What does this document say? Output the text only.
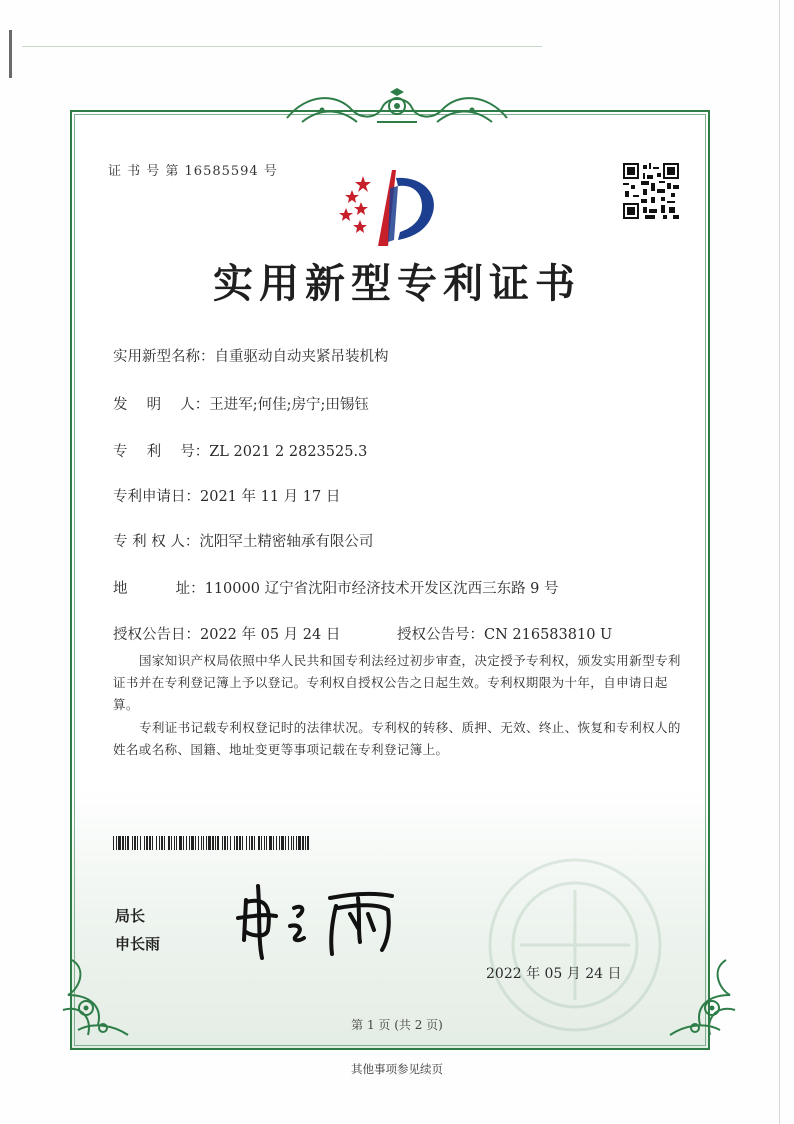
证 书 号 第 16585594 号
实用新型专利证书
实用新型名称：自重驱动自动夹紧吊装机构
发　 明　 人：王进军;何佳;房宁;田锡钰
专　 利　 号：ZL 2021 2 2823525.3
专利申请日：2021 年 11 月 17 日
专 利 权 人：沈阳罕土精密轴承有限公司
地　　　 址：110000 辽宁省沈阳市经济技术开发区沈西三东路 9 号
授权公告日：2022 年 05 月 24 日	授权公告号：CN 216583810 U

国家知识产权局依照中华人民共和国专利法经过初步审查，决定授予专利权，颁发实用新型专利证书并在专利登记簿上予以登记。专利权自授权公告之日起生效。专利权期限为十年，自申请日起算。

专利证书记载专利权登记时的法律状况。专利权的转移、质押、无效、终止、恢复和专利权人的姓名或名称、国籍、地址变更等事项记载在专利登记簿上。

局长
申长雨
2022 年 05 月 24 日
第 1 页 (共 2 页)
其他事项参见续页
